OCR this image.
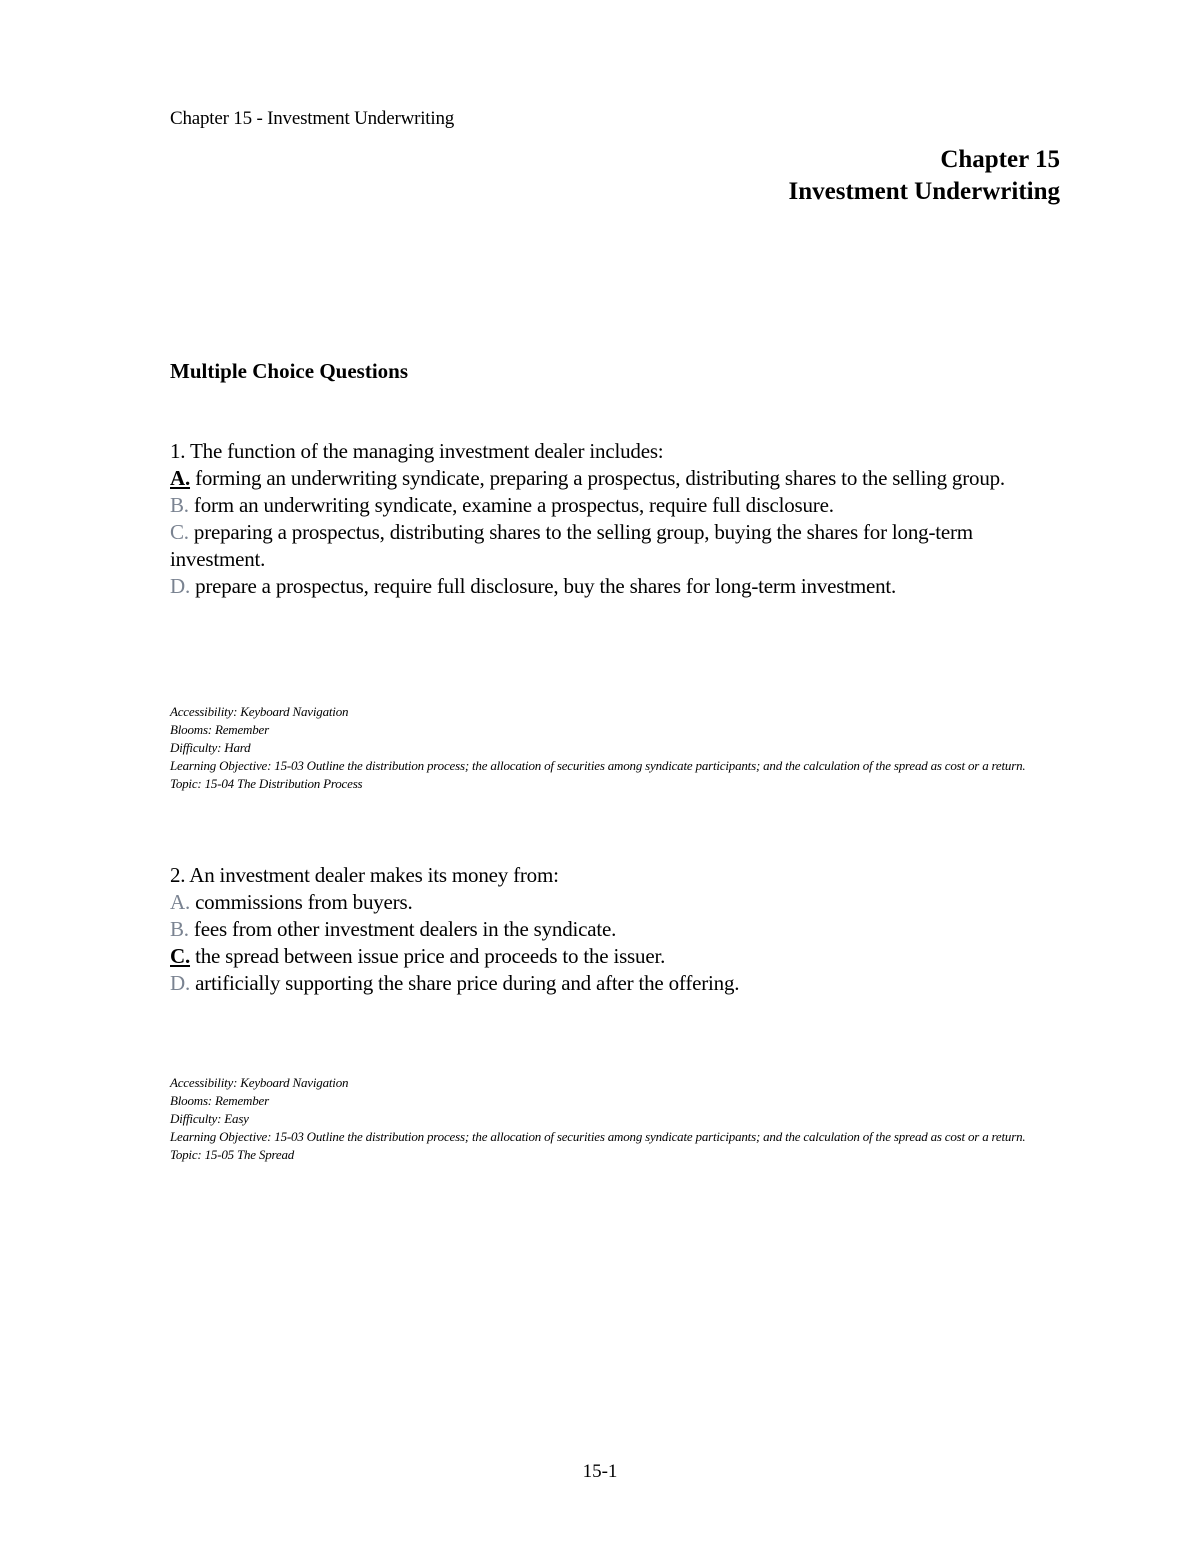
Chapter 15 - Investment Underwriting
Chapter 15
Investment Underwriting
Multiple Choice Questions

1. The function of the managing investment dealer includes:

A. forming an underwriting syndicate, preparing a prospectus, distributing shares to the selling group.

B. form an underwriting syndicate, examine a prospectus, require full disclosure.

C. preparing a prospectus, distributing shares to the selling group, buying the shares for long-term investment.

D. prepare a prospectus, require full disclosure, buy the shares for long-term investment.

Accessibility: Keyboard Navigation

Blooms: Remember

Difficulty: Hard

Learning Objective: 15-03 Outline the distribution process; the allocation of securities among syndicate participants; and the calculation of the spread as cost or a return.

Topic: 15-04 The Distribution Process

2. An investment dealer makes its money from:

A. commissions from buyers.

B. fees from other investment dealers in the syndicate.

C. the spread between issue price and proceeds to the issuer.

D. artificially supporting the share price during and after the offering.

Accessibility: Keyboard Navigation

Blooms: Remember

Difficulty: Easy

Learning Objective: 15-03 Outline the distribution process; the allocation of securities among syndicate participants; and the calculation of the spread as cost or a return.

Topic: 15-05 The Spread

15-1
